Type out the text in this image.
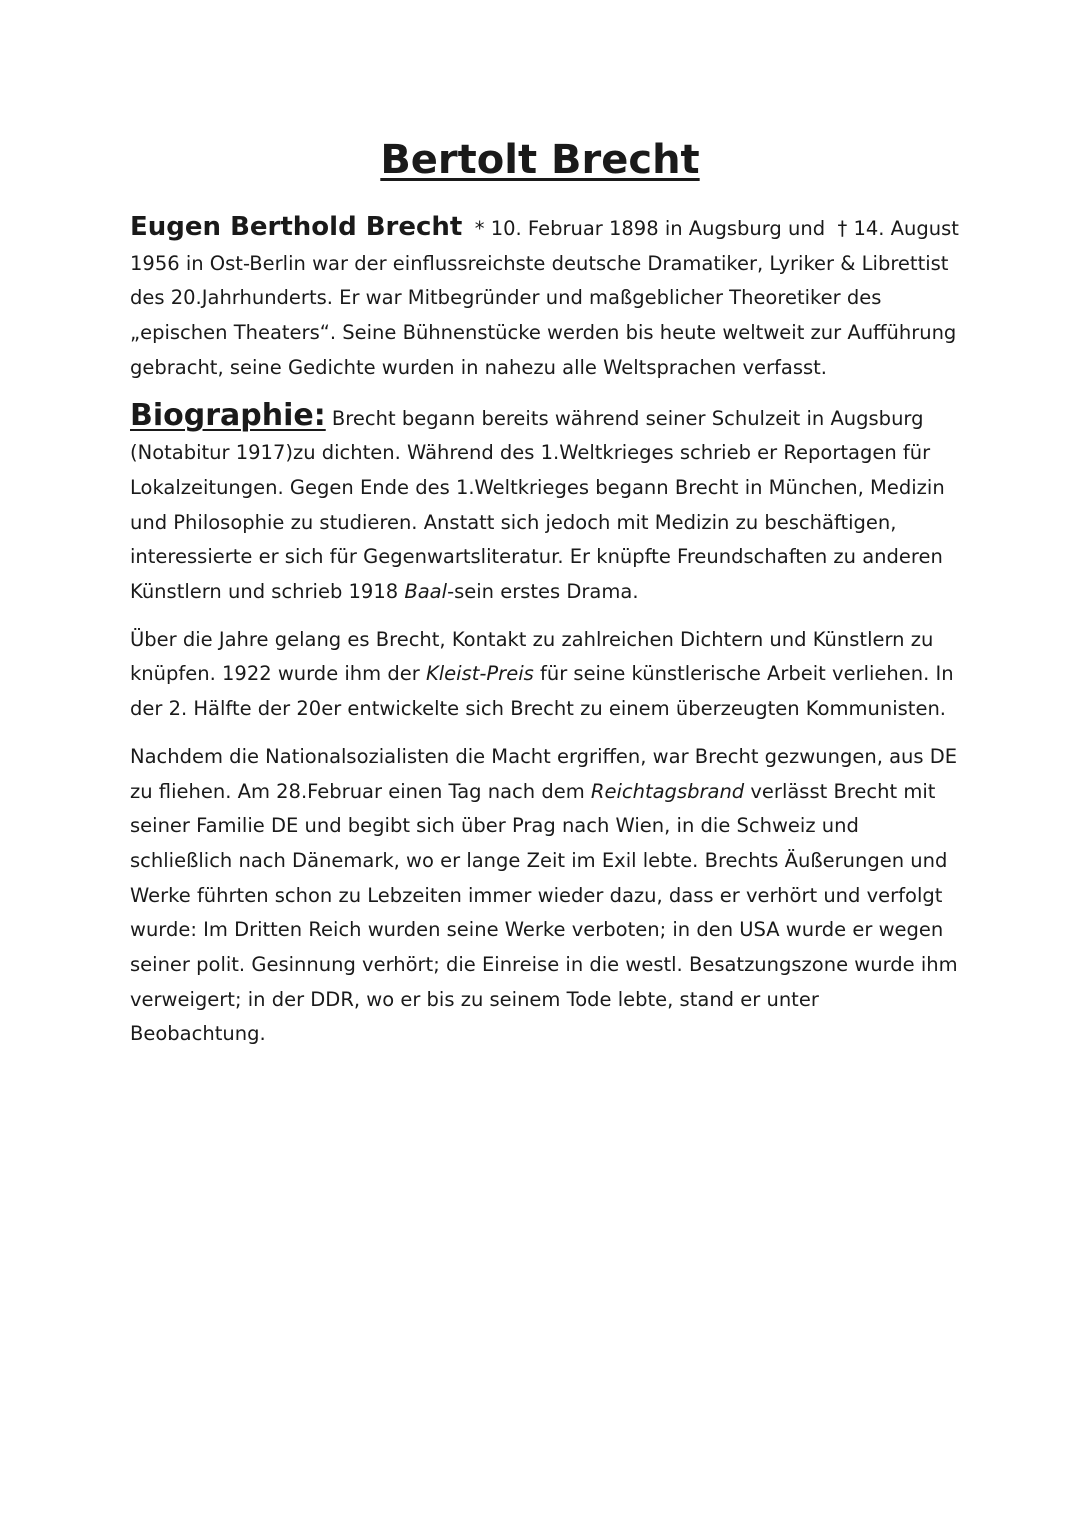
Bertolt Brecht

Eugen Berthold Brecht * 10. Februar 1898 in Augsburg und  † 14. August 1956 in Ost-Berlin war der einflussreichste deutsche Dramatiker, Lyriker & Librettist des 20.Jahrhunderts. Er war Mitbegründer und maßgeblicher Theoretiker des „epischen Theaters“. Seine Bühnenstücke werden bis heute weltweit zur Aufführung gebracht, seine Gedichte wurden in nahezu alle Weltsprachen verfasst.

Biographie: Brecht begann bereits während seiner Schulzeit in Augsburg (Notabitur 1917)zu dichten. Während des 1.Weltkrieges schrieb er Reportagen für Lokalzeitungen. Gegen Ende des 1.Weltkrieges begann Brecht in München, Medizin und Philosophie zu studieren. Anstatt sich jedoch mit Medizin zu beschäftigen, interessierte er sich für Gegenwartsliteratur. Er knüpfte Freundschaften zu anderen Künstlern und schrieb 1918 Baal-sein erstes Drama.

Über die Jahre gelang es Brecht, Kontakt zu zahlreichen Dichtern und Künstlern zu knüpfen. 1922 wurde ihm der Kleist-Preis für seine künstlerische Arbeit verliehen. In der 2. Hälfte der 20er entwickelte sich Brecht zu einem überzeugten Kommunisten.

Nachdem die Nationalsozialisten die Macht ergriffen, war Brecht gezwungen, aus DE zu fliehen. Am 28.Februar einen Tag nach dem Reichtagsbrand verlässt Brecht mit seiner Familie DE und begibt sich über Prag nach Wien, in die Schweiz und schließlich nach Dänemark, wo er lange Zeit im Exil lebte. Brechts Äußerungen und Werke führten schon zu Lebzeiten immer wieder dazu, dass er verhört und verfolgt wurde: Im Dritten Reich wurden seine Werke verboten; in den USA wurde er wegen seiner polit. Gesinnung verhört; die Einreise in die westl. Besatzungszone wurde ihm verweigert; in der DDR, wo er bis zu seinem Tode lebte, stand er unter Beobachtung.
